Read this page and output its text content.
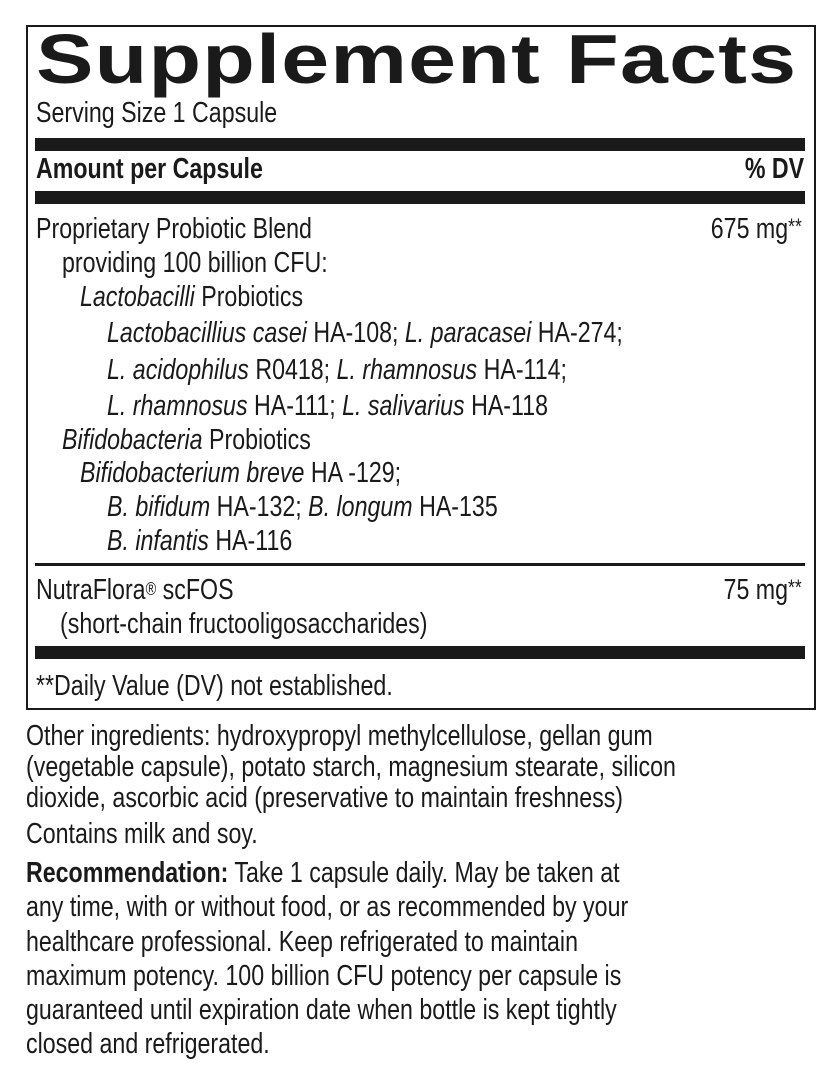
Supplement Facts
Serving Size 1 Capsule
Amount per Capsule	% DV
Proprietary Probiotic Blend	675 mg**
providing 100 billion CFU:
Lactobacilli Probiotics
Lactobacillius casei HA-108; L. paracasei HA-274;
L. acidophilus R0418; L. rhamnosus HA-114;
L. rhamnosus HA-111; L. salivarius HA-118
Bifidobacteria Probiotics
Bifidobacterium breve HA -129;
B. bifidum HA-132; B. longum HA-135
B. infantis HA-116
NutraFlora® scFOS	75 mg**
(short-chain fructooligosaccharides)
**Daily Value (DV) not established.
Other ingredients: hydroxypropyl methylcellulose, gellan gum
(vegetable capsule), potato starch, magnesium stearate, silicon
dioxide, ascorbic acid (preservative to maintain freshness)
Contains milk and soy.
Recommendation: Take 1 capsule daily. May be taken at
any time, with or without food, or as recommended by your
healthcare professional. Keep refrigerated to maintain
maximum potency. 100 billion CFU potency per capsule is
guaranteed until expiration date when bottle is kept tightly
closed and refrigerated.
